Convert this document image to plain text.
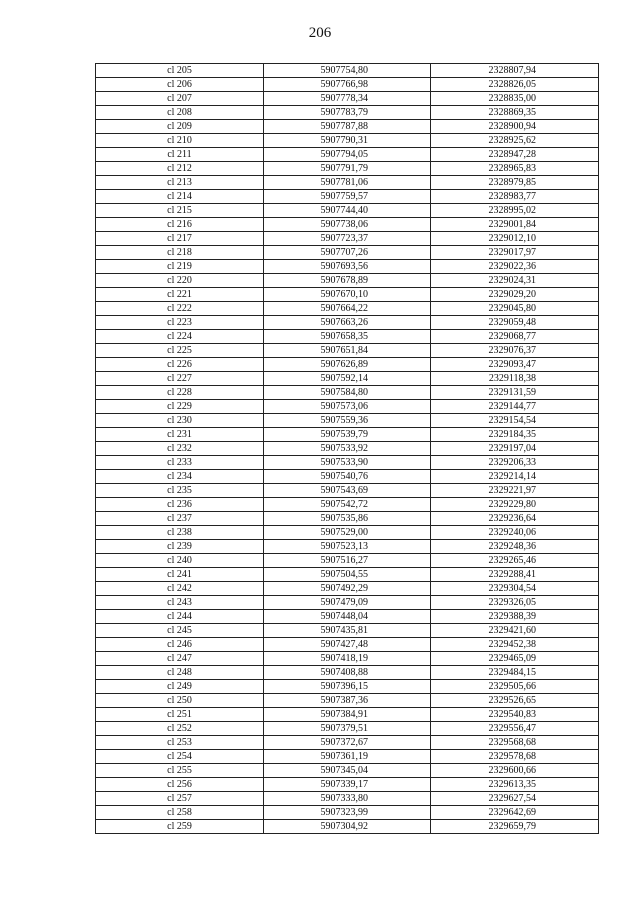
206
cl 205	5907754,80	2328807,94
cl 206	5907766,98	2328826,05
cl 207	5907778,34	2328835,00
cl 208	5907783,79	2328869,35
cl 209	5907787,88	2328900,94
cl 210	5907790,31	2328925,62
cl 211	5907794,05	2328947,28
cl 212	5907791,79	2328965,83
cl 213	5907781,06	2328979,85
cl 214	5907759,57	2328983,77
cl 215	5907744,40	2328995,02
cl 216	5907738,06	2329001,84
cl 217	5907723,37	2329012,10
cl 218	5907707,26	2329017,97
cl 219	5907693,56	2329022,36
cl 220	5907678,89	2329024,31
cl 221	5907670,10	2329029,20
cl 222	5907664,22	2329045,80
cl 223	5907663,26	2329059,48
cl 224	5907658,35	2329068,77
cl 225	5907651,84	2329076,37
cl 226	5907626,89	2329093,47
cl 227	5907592,14	2329118,38
cl 228	5907584,80	2329131,59
cl 229	5907573,06	2329144,77
cl 230	5907559,36	2329154,54
cl 231	5907539,79	2329184,35
cl 232	5907533,92	2329197,04
cl 233	5907533,90	2329206,33
cl 234	5907540,76	2329214,14
cl 235	5907543,69	2329221,97
cl 236	5907542,72	2329229,80
cl 237	5907535,86	2329236,64
cl 238	5907529,00	2329240,06
cl 239	5907523,13	2329248,36
cl 240	5907516,27	2329265,46
cl 241	5907504,55	2329288,41
cl 242	5907492,29	2329304,54
cl 243	5907479,09	2329326,05
cl 244	5907448,04	2329388,39
cl 245	5907435,81	2329421,60
cl 246	5907427,48	2329452,38
cl 247	5907418,19	2329465,09
cl 248	5907408,88	2329484,15
cl 249	5907396,15	2329505,66
cl 250	5907387,36	2329526,65
cl 251	5907384,91	2329540,83
cl 252	5907379,51	2329556,47
cl 253	5907372,67	2329568,68
cl 254	5907361,19	2329578,68
cl 255	5907345,04	2329600,66
cl 256	5907339,17	2329613,35
cl 257	5907333,80	2329627,54
cl 258	5907323,99	2329642,69
cl 259	5907304,92	2329659,79
